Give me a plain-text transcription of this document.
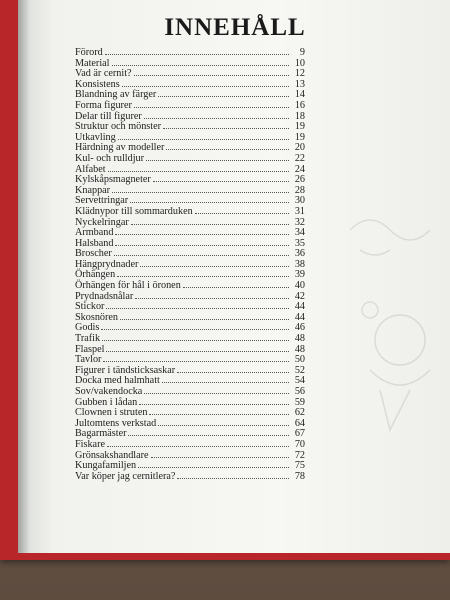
INNEHÅLL
Förord	9
Material	10
Vad är cernit?	12
Konsistens	13
Blandning av färger	14
Forma figurer	16
Delar till figurer	18
Struktur och mönster	19
Utkavling	19
Härdning av modeller	20
Kul- och rulldjur	22
Alfabet	24
Kylskåpsmagneter	26
Knappar	28
Servettringar	30
Klädnypor till sommarduken	31
Nyckelringar	32
Armband	34
Halsband	35
Broscher	36
Hängprydnader	38
Örhängen	39
Örhängen för hål i öronen	40
Prydnadsnålar	42
Stickor	44
Skosnören	44
Godis	46
Trafik	48
Flaspel	48
Tavlor	50
Figurer i tändsticksaskar	52
Docka med halmhatt	54
Sov/vakendocka	56
Gubben i lådan	59
Clownen i struten	62
Jultomtens verkstad	64
Bagarmäster	67
Fiskare	70
Grönsakshandlare	72
Kungafamiljen	75
Var köper jag cernitlera?	78
